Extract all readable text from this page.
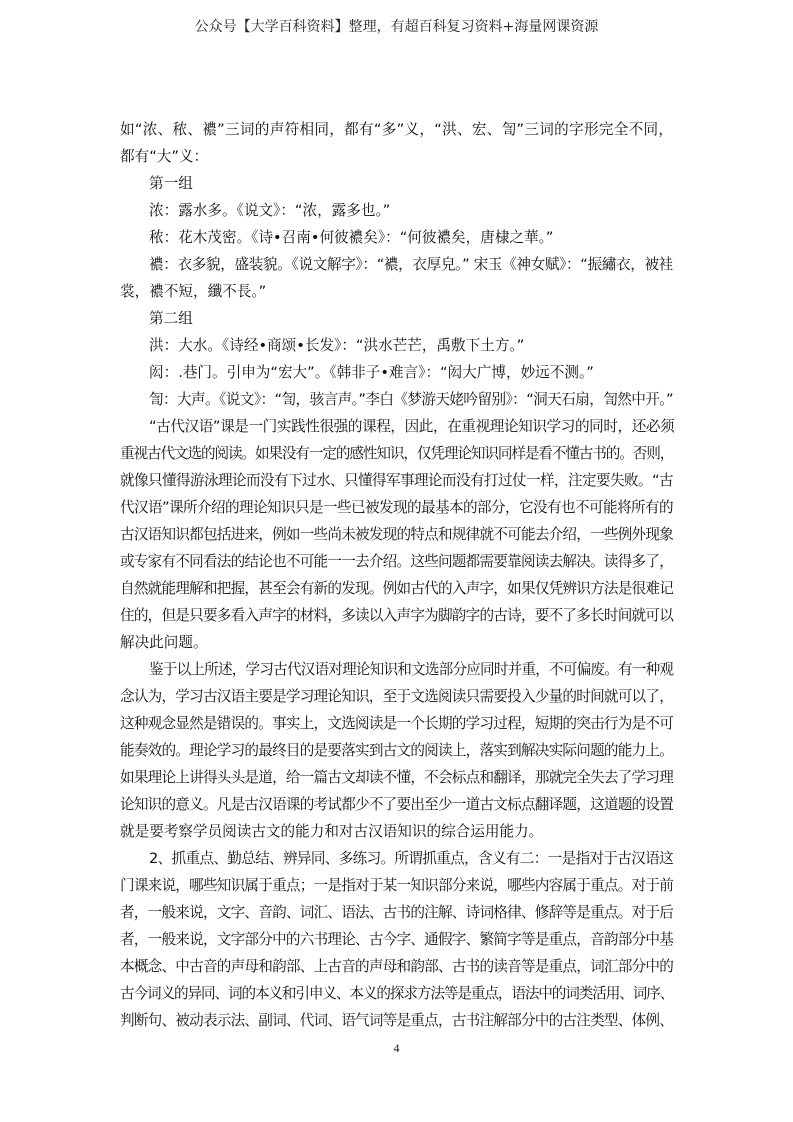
公众号【大学百科资料】整理，有超百科复习资料+海量网课资源
如“浓、秾、襛”三词的声符相同，都有“多”义，“洪、宏、訇”三词的字形完全不同，
都有“大”义：
第一组
浓：露水多。《说文》：“浓，露多也。”
秾：花木茂密。《诗•召南•何彼襛矣》：“何彼襛矣，唐棣之華。”
襛：衣多貌，盛装貌。《说文解字》：“襛，衣厚皃。” 宋玉《神女赋》：“振繡衣，被袿
裳，襛不短，纖不長。”
第二组
洪：大水。《诗经•商颂•长发》：“洪水芒芒，禹敷下土方。”
闳：.巷门。引申为“宏大”。《韩非子•难言》：“闳大广博，妙远不测。”
訇：大声。《说文》：“訇，骇言声。”李白《梦游天姥吟留别》：“洞天石扇，訇然中开。”
“古代汉语”课是一门实践性很强的课程，因此，在重视理论知识学习的同时，还必须
重视古代文选的阅读。如果没有一定的感性知识，仅凭理论知识同样是看不懂古书的。否则，
就像只懂得游泳理论而没有下过水、只懂得军事理论而没有打过仗一样，注定要失败。“古
代汉语”课所介绍的理论知识只是一些已被发现的最基本的部分，它没有也不可能将所有的
古汉语知识都包括进来，例如一些尚未被发现的特点和规律就不可能去介绍，一些例外现象
或专家有不同看法的结论也不可能一一去介绍。这些问题都需要靠阅读去解决。读得多了，
自然就能理解和把握，甚至会有新的发现。例如古代的入声字，如果仅凭辨识方法是很难记
住的，但是只要多看入声字的材料，多读以入声字为脚韵字的古诗，要不了多长时间就可以
解决此问题。
鉴于以上所述，学习古代汉语对理论知识和文选部分应同时并重，不可偏废。有一种观
念认为，学习古汉语主要是学习理论知识，至于文选阅读只需要投入少量的时间就可以了，
这种观念显然是错误的。事实上，文选阅读是一个长期的学习过程，短期的突击行为是不可
能奏效的。理论学习的最终目的是要落实到古文的阅读上，落实到解决实际问题的能力上。
如果理论上讲得头头是道，给一篇古文却读不懂，不会标点和翻译，那就完全失去了学习理
论知识的意义。凡是古汉语课的考试都少不了要出至少一道古文标点翻译题，这道题的设置
就是要考察学员阅读古文的能力和对古汉语知识的综合运用能力。
2、抓重点、勤总结、辨异同、多练习。所谓抓重点，含义有二：一是指对于古汉语这
门课来说，哪些知识属于重点；一是指对于某一知识部分来说，哪些内容属于重点。对于前
者，一般来说，文字、音韵、词汇、语法、古书的注解、诗词格律、修辞等是重点。对于后
者，一般来说，文字部分中的六书理论、古今字、通假字、繁简字等是重点，音韵部分中基
本概念、中古音的声母和韵部、上古音的声母和韵部、古书的读音等是重点，词汇部分中的
古今词义的异同、词的本义和引申义、本义的探求方法等是重点，语法中的词类活用、词序、
判断句、被动表示法、副词、代词、语气词等是重点，古书注解部分中的古注类型、体例、
4
